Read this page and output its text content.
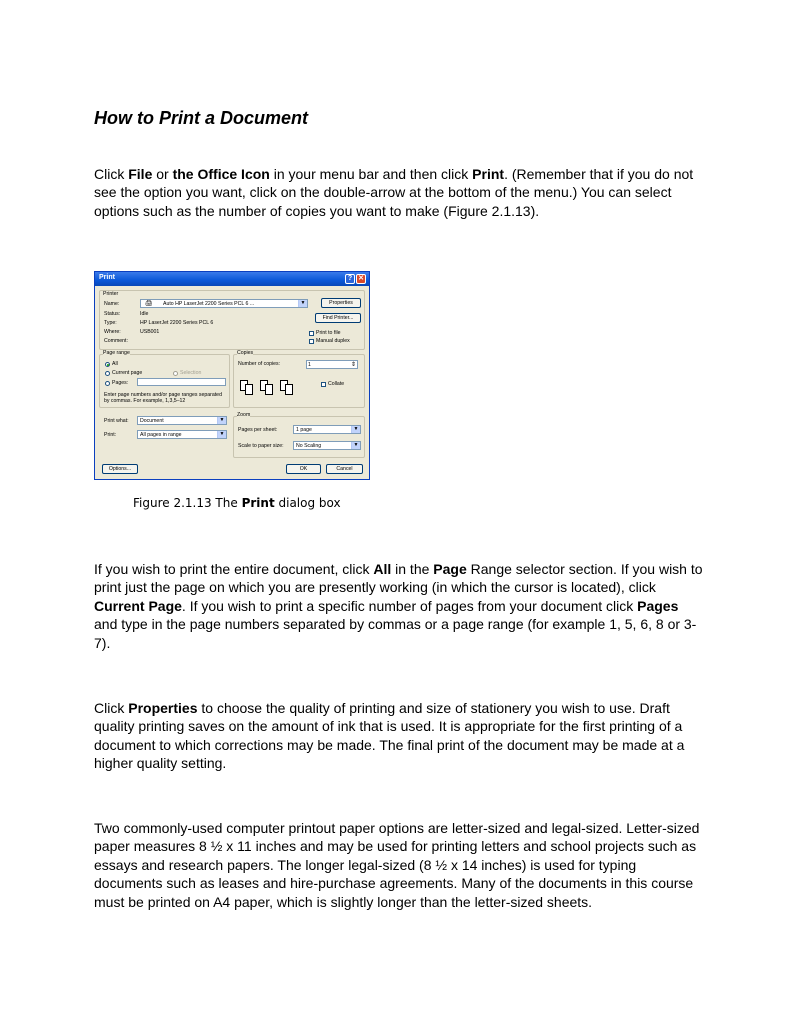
How to Print a Document

Click File or the Office Icon in your menu bar and then click Print. (Remember that if you do not see the option you want, click on the double-arrow at the bottom of the menu.) You can select options such as the number of copies you want to make (Figure 2.1.13).

Print	? ✕
Printer
Name:	🖨 Auto HP LaserJet 2200 Series PCL 6 ...	▼	Properties
Status:	Idle
Find Printer...
Type:	HP LaserJet 2200 Series PCL 6
Where:	USB001
Comment:
Print to file
Manual duplex
Page range
All
Current page	Selection
Pages:
Enter page numbers and/or page ranges separated by commas. For example, 1,3,5–12
Copies
Number of copies:	1	⇕
Collate
Print what: Document	▼
Print:	All pages in range	▼
Zoom
Pages per sheet:	1 page	▼
Scale to paper size: No Scaling	▼
Options...	OK	Cancel
Figure 2.1.13 The Print dialog box

If you wish to print the entire document, click All in the Page Range selector section. If you wish to print just the page on which you are presently working (in which the cursor is located), click Current Page. If you wish to print a specific number of pages from your document click Pages and type in the page numbers separated by commas or a page range (for example 1, 5, 6, 8 or 3-7).

Click Properties to choose the quality of printing and size of stationery you wish to use. Draft quality printing saves on the amount of ink that is used. It is appropriate for the first printing of a document to which corrections may be made. The final print of the document may be made at a higher quality setting.

Two commonly-used computer printout paper options are letter-sized and legal-sized. Letter-sized paper measures 8 ½ x 11 inches and may be used for printing letters and school projects such as essays and research papers. The longer legal-sized (8 ½ x 14 inches) is used for typing documents such as leases and hire-purchase agreements. Many of the documents in this course must be printed on A4 paper, which is slightly longer than the letter-sized sheets.
